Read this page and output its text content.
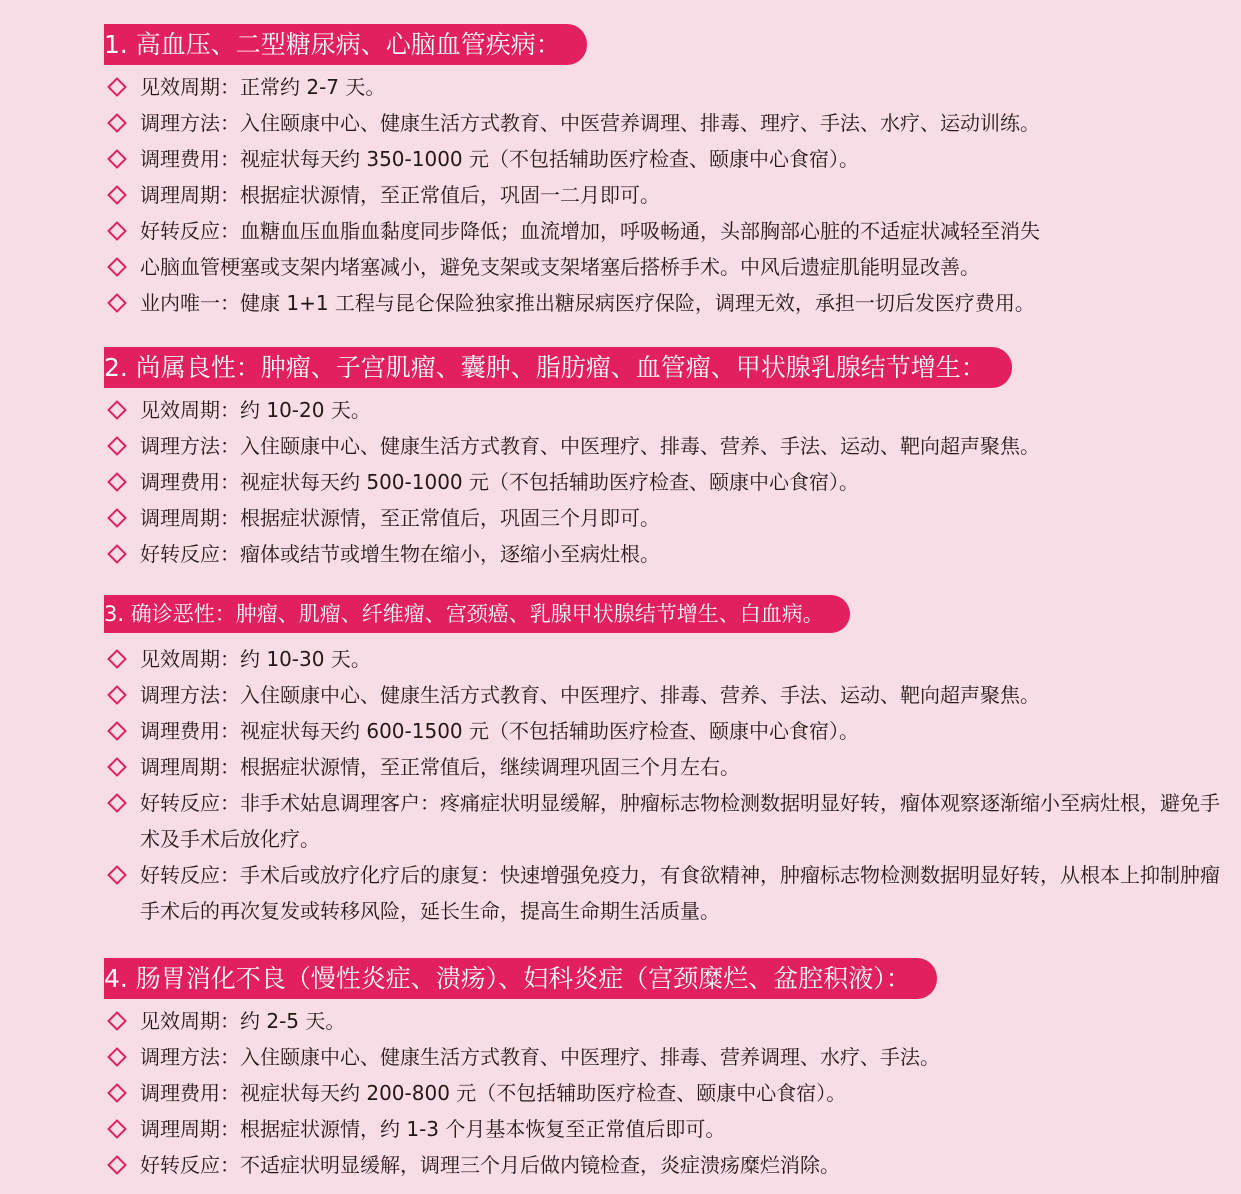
1. 高血压、二型糖尿病、心脑血管疾病：
见效周期：正常约 2-7 天。
调理方法：入住颐康中心、健康生活方式教育、中医营养调理、排毒、理疗、手法、水疗、运动训练。
调理费用：视症状每天约 350-1000 元（不包括辅助医疗检查、颐康中心食宿）。
调理周期：根据症状源情，至正常值后，巩固一二月即可。
好转反应：血糖血压血脂血黏度同步降低；血流增加，呼吸畅通，头部胸部心脏的不适症状减轻至消失
心脑血管梗塞或支架内堵塞减小，避免支架或支架堵塞后搭桥手术。中风后遗症肌能明显改善。
业内唯一：健康 1+1 工程与昆仑保险独家推出糖尿病医疗保险，调理无效，承担一切后发医疗费用。
2. 尚属良性：肿瘤、子宫肌瘤、囊肿、脂肪瘤、血管瘤、甲状腺乳腺结节增生：
见效周期：约 10-20 天。
调理方法：入住颐康中心、健康生活方式教育、中医理疗、排毒、营养、手法、运动、靶向超声聚焦。
调理费用：视症状每天约 500-1000 元（不包括辅助医疗检查、颐康中心食宿）。
调理周期：根据症状源情，至正常值后，巩固三个月即可。
好转反应：瘤体或结节或增生物在缩小，逐缩小至病灶根。
3. 确诊恶性：肿瘤、肌瘤、纤维瘤、宫颈癌、乳腺甲状腺结节增生、白血病。
见效周期：约 10-30 天。
调理方法：入住颐康中心、健康生活方式教育、中医理疗、排毒、营养、手法、运动、靶向超声聚焦。
调理费用：视症状每天约 600-1500 元（不包括辅助医疗检查、颐康中心食宿）。
调理周期：根据症状源情，至正常值后，继续调理巩固三个月左右。
好转反应：非手术姑息调理客户：疼痛症状明显缓解，肿瘤标志物检测数据明显好转，瘤体观察逐渐缩小至病灶根，避免手术及手术后放化疗。
好转反应：手术后或放疗化疗后的康复：快速增强免疫力，有食欲精神，肿瘤标志物检测数据明显好转，从根本上抑制肿瘤手术后的再次复发或转移风险，延长生命，提高生命期生活质量。
4. 肠胃消化不良（慢性炎症、溃疡）、妇科炎症（宫颈糜烂、盆腔积液）：
见效周期：约 2-5 天。
调理方法：入住颐康中心、健康生活方式教育、中医理疗、排毒、营养调理、水疗、手法。
调理费用：视症状每天约 200-800 元（不包括辅助医疗检查、颐康中心食宿）。
调理周期：根据症状源情，约 1-3 个月基本恢复至正常值后即可。
好转反应：不适症状明显缓解，调理三个月后做内镜检查，炎症溃疡糜烂消除。
